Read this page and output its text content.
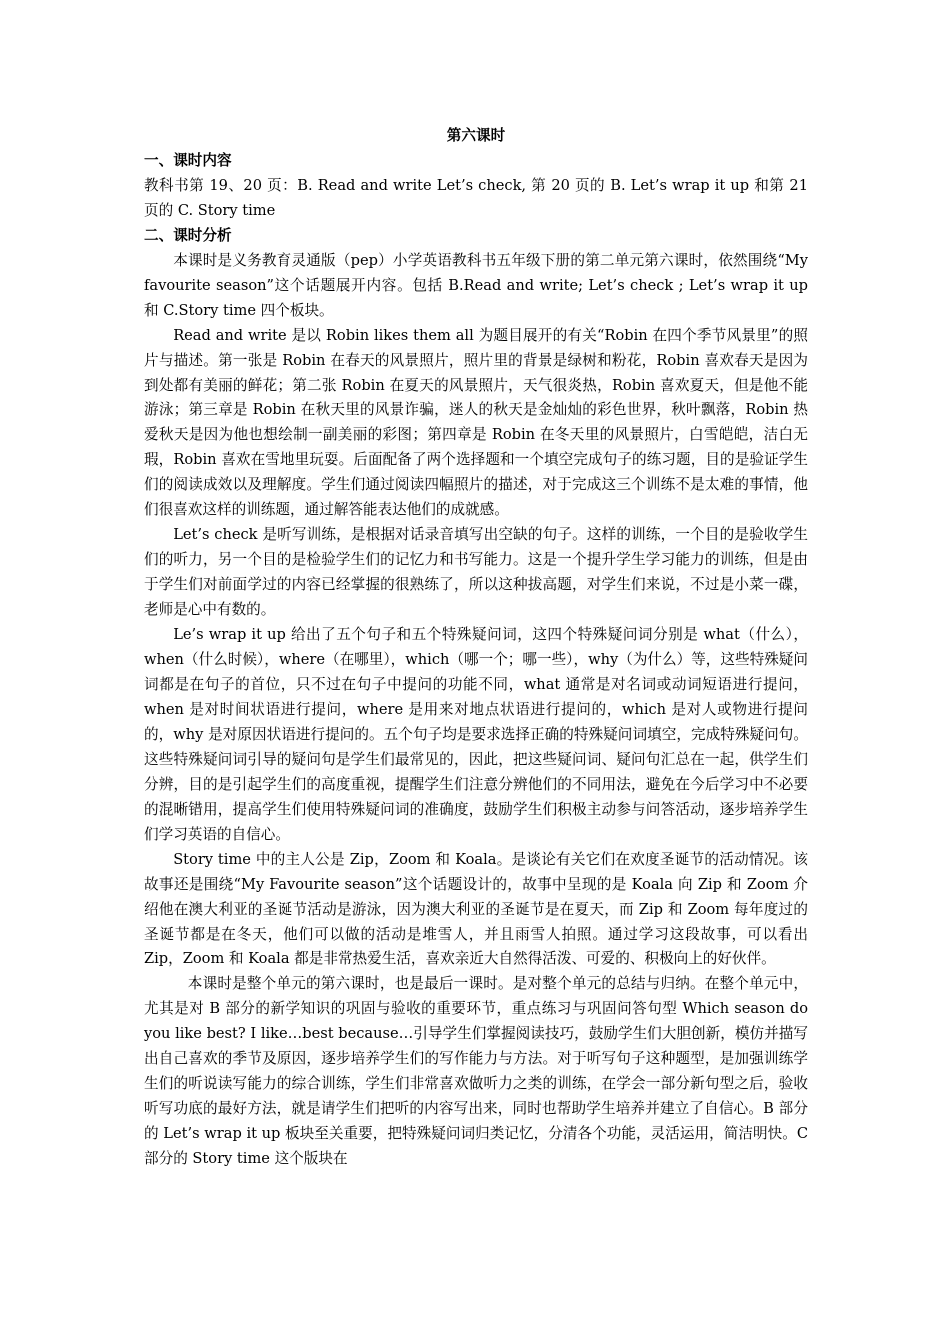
第六课时

一、课时内容

教科书第 19、20 页：B. Read and write Let’s check, 第 20 页的 B. Let’s wrap it up 和第 21 页的 C. Story time

二、课时分析

本课时是义务教育灵通版（pep）小学英语教科书五年级下册的第二单元第六课时，依然围绕“My favourite season”这个话题展开内容。包括 B.Read and write; Let’s check ; Let’s wrap it up 和 C.Story time 四个板块。

Read and write 是以 Robin likes them all 为题目展开的有关“Robin 在四个季节风景里”的照片与描述。第一张是 Robin 在春天的风景照片，照片里的背景是绿树和粉花，Robin 喜欢春天是因为到处都有美丽的鲜花；第二张 Robin 在夏天的风景照片，天气很炎热，Robin 喜欢夏天，但是他不能游泳；第三章是 Robin 在秋天里的风景诈骗，迷人的秋天是金灿灿的彩色世界，秋叶飘落，Robin 热爱秋天是因为他也想绘制一副美丽的彩图；第四章是 Robin 在冬天里的风景照片，白雪皑皑，洁白无瑕，Robin 喜欢在雪地里玩耍。后面配备了两个选择题和一个填空完成句子的练习题，目的是验证学生们的阅读成效以及理解度。学生们通过阅读四幅照片的描述，对于完成这三个训练不是太难的事情，他们很喜欢这样的训练题，通过解答能表达他们的成就感。

Let’s check 是听写训练，是根据对话录音填写出空缺的句子。这样的训练，一个目的是验收学生们的听力，另一个目的是检验学生们的记忆力和书写能力。这是一个提升学生学习能力的训练，但是由于学生们对前面学过的内容已经掌握的很熟练了，所以这种拔高题，对学生们来说，不过是小菜一碟，老师是心中有数的。

Le’s wrap it up 给出了五个句子和五个特殊疑问词，这四个特殊疑问词分别是 what（什么），when（什么时候），where（在哪里），which（哪一个；哪一些），why（为什么）等，这些特殊疑问词都是在句子的首位，只不过在句子中提问的功能不同，what 通常是对名词或动词短语进行提问，when 是对时间状语进行提问，where 是用来对地点状语进行提问的，which 是对人或物进行提问的，why 是对原因状语进行提问的。五个句子均是要求选择正确的特殊疑问词填空，完成特殊疑问句。这些特殊疑问词引导的疑问句是学生们最常见的，因此，把这些疑问词、疑问句汇总在一起，供学生们分辨，目的是引起学生们的高度重视，提醒学生们注意分辨他们的不同用法，避免在今后学习中不必要的混晰错用，提高学生们使用特殊疑问词的准确度，鼓励学生们积极主动参与问答活动，逐步培养学生们学习英语的自信心。

Story time 中的主人公是 Zip，Zoom 和 Koala。是谈论有关它们在欢度圣诞节的活动情况。该故事还是围绕“My Favourite season”这个话题设计的，故事中呈现的是 Koala 向 Zip 和 Zoom 介绍他在澳大利亚的圣诞节活动是游泳，因为澳大利亚的圣诞节是在夏天，而 Zip 和 Zoom 每年度过的圣诞节都是在冬天，他们可以做的活动是堆雪人，并且雨雪人拍照。通过学习这段故事，可以看出 Zip，Zoom 和 Koala 都是非常热爱生活，喜欢亲近大自然得活泼、可爱的、积极向上的好伙伴。

本课时是整个单元的第六课时，也是最后一课时。是对整个单元的总结与归纳。在整个单元中，尤其是对 B 部分的新学知识的巩固与验收的重要环节，重点练习与巩固问答句型 Which season do you like best? I like…best because…引导学生们掌握阅读技巧，鼓励学生们大胆创新，模仿并描写出自己喜欢的季节及原因，逐步培养学生们的写作能力与方法。对于听写句子这种题型，是加强训练学生们的听说读写能力的综合训练，学生们非常喜欢做听力之类的训练，在学会一部分新句型之后，验收听写功底的最好方法，就是请学生们把听的内容写出来，同时也帮助学生培养并建立了自信心。B 部分的 Let’s wrap it up 板块至关重要，把特殊疑问词归类记忆，分清各个功能，灵活运用，简洁明快。C 部分的 Story time 这个版块在
